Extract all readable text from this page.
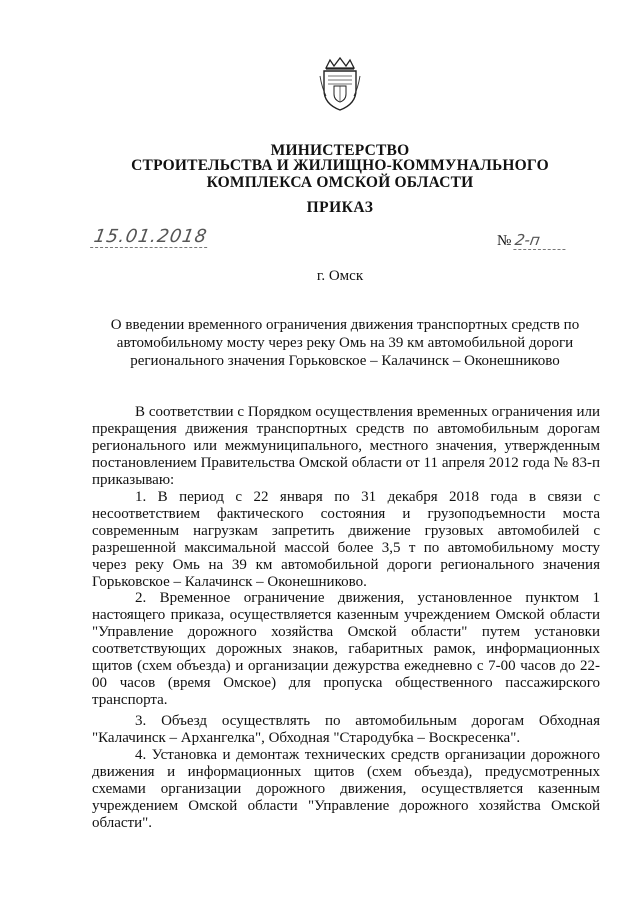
МИНИСТЕРСТВО
СТРОИТЕЛЬСТВА И ЖИЛИЩНО-КОММУНАЛЬНОГО
КОМПЛЕКСА ОМСКОЙ ОБЛАСТИ
ПРИКАЗ
15.01.2018	№ 2-п
г. Омск
О введении временного ограничения движения транспортных средств по автомобильному мосту через реку Омь на 39 км автомобильной дороги регионального значения Горьковское – Калачинск – Оконешниково

В соответствии с Порядком осуществления временных ограничения или прекращения движения транспортных средств по автомобильным дорогам регионального или межмуниципального, местного значения, утвержденным постановлением Правительства Омской области от 11 апреля 2012 года № 83-п приказываю:

1. В период с 22 января по 31 декабря 2018 года в связи с несоответствием фактического состояния и грузоподъемности моста современным нагрузкам запретить движение грузовых автомобилей с разрешенной максимальной массой более 3,5 т по автомобильному мосту через реку Омь на 39 км автомобильной дороги регионального значения Горьковское – Калачинск – Оконешниково.

2. Временное ограничение движения, установленное пунктом 1 настоящего приказа, осуществляется казенным учреждением Омской области "Управление дорожного хозяйства Омской области" путем установки соответствующих дорожных знаков, габаритных рамок, информационных щитов (схем объезда) и организации дежурства ежедневно с 7-00 часов до 22-00 часов (время Омское) для пропуска общественного пассажирского транспорта.

3. Объезд осуществлять по автомобильным дорогам Обходная "Калачинск – Архангелка", Обходная "Стародубка – Воскресенка".

4. Установка и демонтаж технических средств организации дорожного движения и информационных щитов (схем объезда), предусмотренных схемами организации дорожного движения, осуществляется казенным учреждением Омской области "Управление дорожного хозяйства Омской области".
